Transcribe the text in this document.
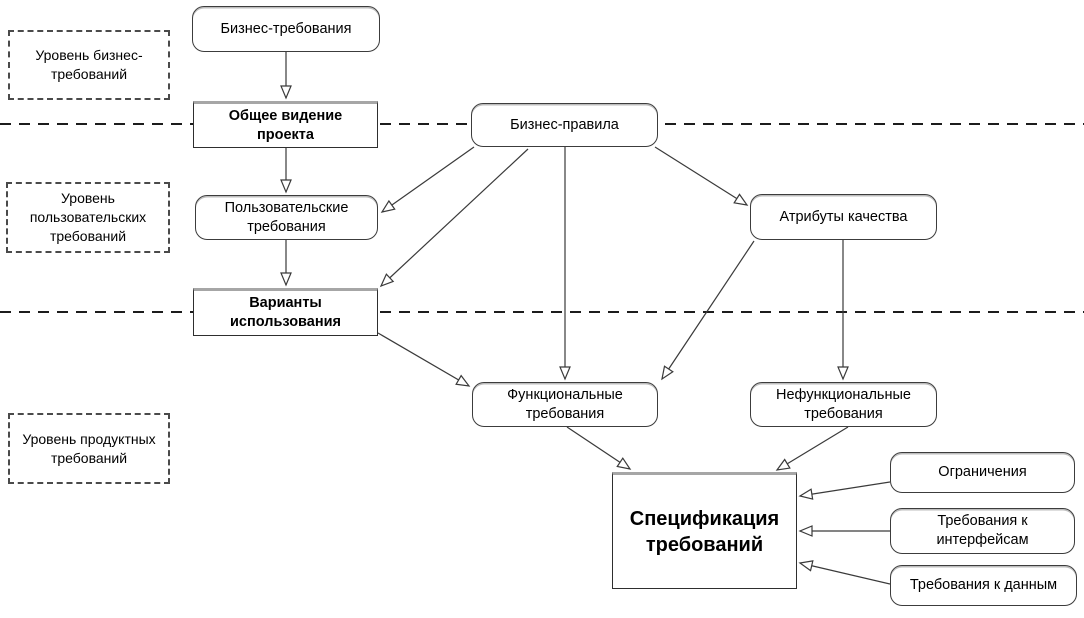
Уровень бизнес-требований
Уровень пользовательских требований
Уровень продуктных требований
Бизнес-требования
Общее видение проекта
Бизнес-правила
Пользовательские требования
Варианты использования
Атрибуты качества
Функциональные требования
Нефункциональные требования
Спецификация требований
Ограничения
Требования к интерфейсам
Требования к данным
